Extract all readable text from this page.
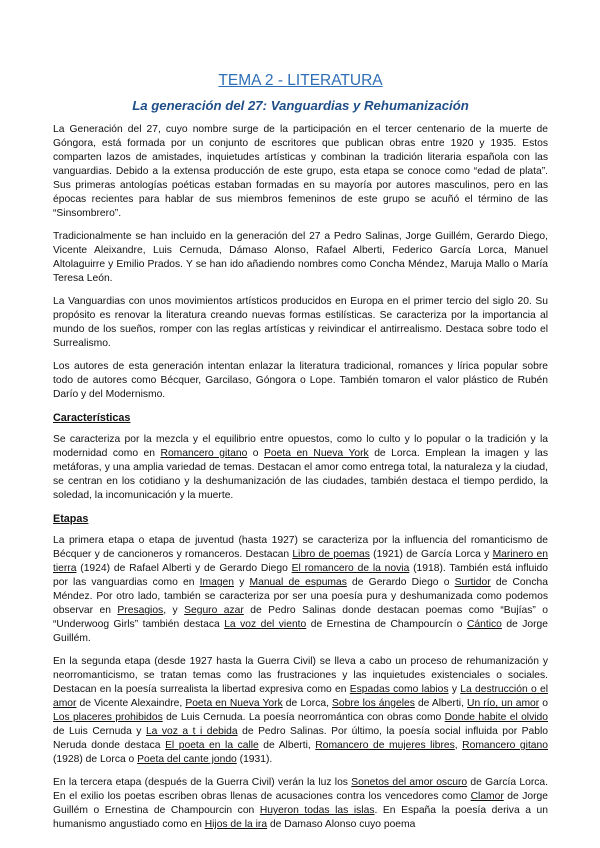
TEMA 2 - LITERATURA
La generación del 27: Vanguardias y Rehumanización

La Generación del 27, cuyo nombre surge de la participación en el tercer centenario de la muerte de Góngora, está formada por un conjunto de escritores que publican obras entre 1920 y 1935. Estos comparten lazos de amistades, inquietudes artísticas y combinan la tradición literaria española con las vanguardias. Debido a la extensa producción de este grupo, esta etapa se conoce como “edad de plata”. Sus primeras antologías poéticas estaban formadas en su mayoría por autores masculinos, pero en las épocas recientes para hablar de sus miembros femeninos de este grupo se acuñó el término de las “Sinsombrero”.

Tradicionalmente se han incluido en la generación del 27 a Pedro Salinas, Jorge Guillém, Gerardo Diego, Vicente Aleixandre, Luis Cernuda, Dámaso Alonso, Rafael Alberti, Federico García Lorca, Manuel Altolaguirre y Emilio Prados. Y se han ido añadiendo nombres como Concha Méndez, Maruja Mallo o María Teresa León.

La Vanguardias con unos movimientos artísticos producidos en Europa en el primer tercio del siglo 20. Su propósito es renovar la literatura creando nuevas formas estilísticas. Se caracteriza por la importancia al mundo de los sueños, romper con las reglas artísticas y reivindicar el antirrealismo. Destaca sobre todo el Surrealismo.

Los autores de esta generación intentan enlazar la literatura tradicional, romances y lírica popular sobre todo de autores como Bécquer, Garcilaso, Góngora o Lope. También tomaron el valor plástico de Rubén Darío y del Modernismo.

Características

Se caracteriza por la mezcla y el equilibrio entre opuestos, como lo culto y lo popular o la tradición y la modernidad como en Romancero gitano o Poeta en Nueva York de Lorca. Emplean la imagen y las metáforas, y una amplia variedad de temas. Destacan el amor como entrega total, la naturaleza y la ciudad, se centran en los cotidiano y la deshumanización de las ciudades, también destaca el tiempo perdido, la soledad, la incomunicación y la muerte.

Etapas

La primera etapa o etapa de juventud (hasta 1927) se caracteriza por la influencia del romanticismo de Bécquer y de cancioneros y romanceros. Destacan Libro de poemas (1921) de García Lorca y Marinero en tierra (1924) de Rafael Alberti y de Gerardo Diego El romancero de la novia (1918). También está influido por las vanguardias como en Imagen y Manual de espumas de Gerardo Diego o Surtidor de Concha Méndez. Por otro lado, también se caracteriza por ser una poesía pura y deshumanizada como podemos observar en Presagios, y Seguro azar de Pedro Salinas donde destacan poemas como “Bujías” o “Underwoog Girls” también destaca La voz del viento de Ernestina de Champourcín o Cántico de Jorge Guillém.

En la segunda etapa (desde 1927 hasta la Guerra Civil) se lleva a cabo un proceso de rehumanización y neorromanticismo, se tratan temas como las frustraciones y las inquietudes existenciales o sociales. Destacan en la poesía surrealista la libertad expresiva como en Espadas como labios y La destrucción o el amor de Vicente Alexaindre, Poeta en Nueva York de Lorca, Sobre los ángeles de Alberti, Un río, un amor o Los placeres prohibidos de Luis Cernuda. La poesía neorromántica con obras como Donde habite el olvido de Luis Cernuda y La voz a t i debida de Pedro Salinas. Por último, la poesía social influida por Pablo Neruda donde destaca El poeta en la calle de Alberti, Romancero de mujeres libres, Romancero gitano (1928) de Lorca o Poeta del cante jondo (1931).

En la tercera etapa (después de la Guerra Civil) verán la luz los Sonetos del amor oscuro de García Lorca. En el exilio los poetas escriben obras llenas de acusaciones contra los vencedores como Clamor de Jorge Guillém o Ernestina de Champourcin con Huyeron todas las islas. En España la poesía deriva a un humanismo angustiado como en Hijos de la ira de Damaso Alonso cuyo poema
